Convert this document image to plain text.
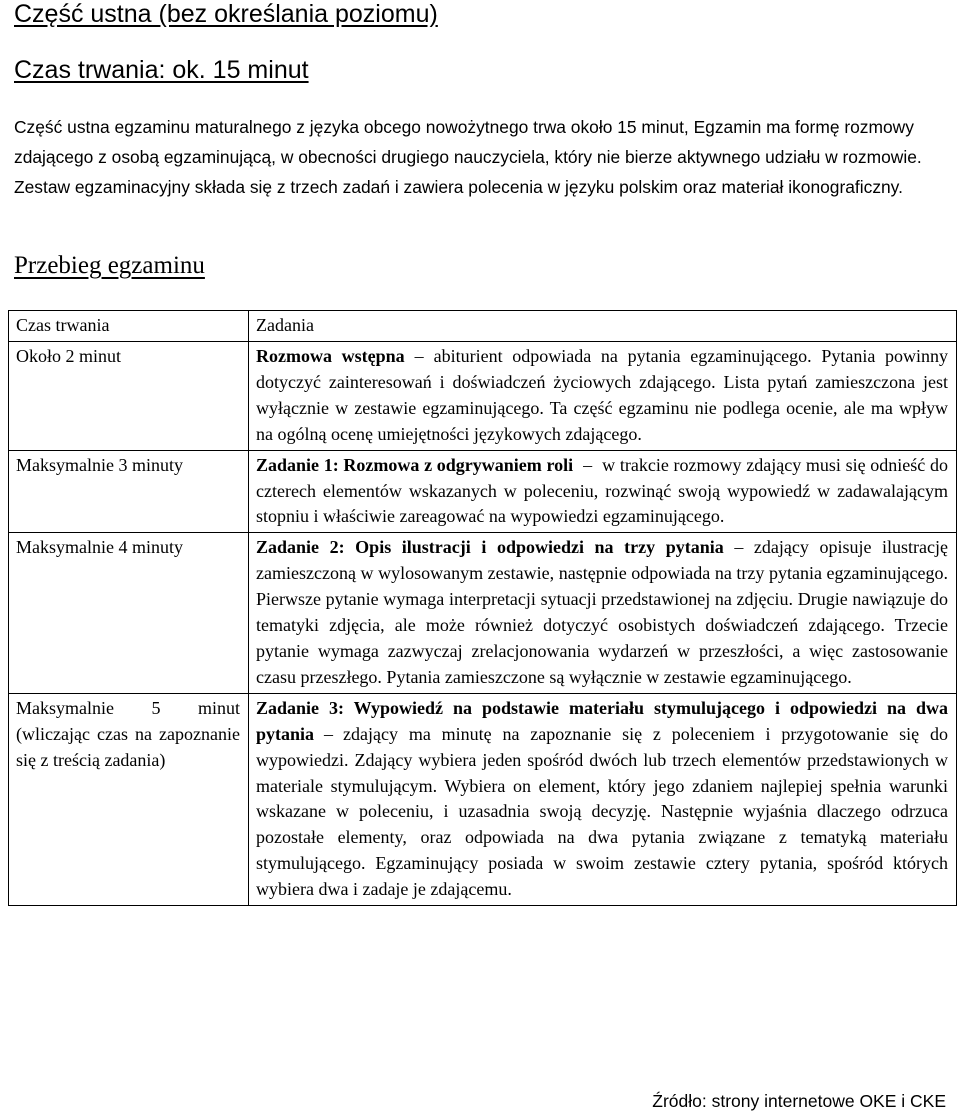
Część ustna (bez określania poziomu)
Czas trwania: ok. 15 minut

Część ustna egzaminu maturalnego z języka obcego nowożytnego trwa około 15 minut, Egzamin ma formę rozmowy zdającego z osobą egzaminującą, w obecności drugiego nauczyciela, który nie bierze aktywnego udziału w rozmowie. Zestaw egzaminacyjny składa się z trzech zadań i zawiera polecenia w języku polskim oraz materiał ikonograficzny.

Przebieg egzaminu
Czas trwania	Zadania
Około 2 minut	Rozmowa wstępna – abiturient odpowiada na pytania egzaminującego. Pytania powinny dotyczyć zainteresowań i doświadczeń życiowych zdającego. Lista pytań zamieszczona jest wyłącznie w zestawie egzaminującego. Ta część egzaminu nie podlega ocenie, ale ma wpływ na ogólną ocenę umiejętności językowych zdającego.
Maksymalnie 3 minuty	Zadanie 1: Rozmowa z odgrywaniem roli – w trakcie rozmowy zdający musi się odnieść do czterech elementów wskazanych w poleceniu, rozwinąć swoją wypowiedź w zadawalającym stopniu i właściwie zareagować na wypowiedzi egzaminującego.
Maksymalnie 4 minuty	Zadanie 2: Opis ilustracji i odpowiedzi na trzy pytania – zdający opisuje ilustrację zamieszczoną w wylosowanym zestawie, następnie odpowiada na trzy pytania egzaminującego. Pierwsze pytanie wymaga interpretacji sytuacji przedstawionej na zdjęciu. Drugie nawiązuje do tematyki zdjęcia, ale może również dotyczyć osobistych doświadczeń zdającego. Trzecie pytanie wymaga zazwyczaj zrelacjonowania wydarzeń w przeszłości, a więc zastosowanie czasu przeszłego. Pytania zamieszczone są wyłącznie w zestawie egzaminującego.
Maksymalnie 5 minut (wliczając czas na zapoznanie się z treścią zadania)	Zadanie 3: Wypowiedź na podstawie materiału stymulującego i odpowiedzi na dwa pytania – zdający ma minutę na zapoznanie się z poleceniem i przygotowanie się do wypowiedzi. Zdający wybiera jeden spośród dwóch lub trzech elementów przedstawionych w materiale stymulującym. Wybiera on element, który jego zdaniem najlepiej spełnia warunki wskazane w poleceniu, i uzasadnia swoją decyzję. Następnie wyjaśnia dlaczego odrzuca pozostałe elementy, oraz odpowiada na dwa pytania związane z tematyką materiału stymulującego. Egzaminujący posiada w swoim zestawie cztery pytania, spośród których wybiera dwa i zadaje je zdającemu.
Źródło: strony internetowe OKE i CKE
